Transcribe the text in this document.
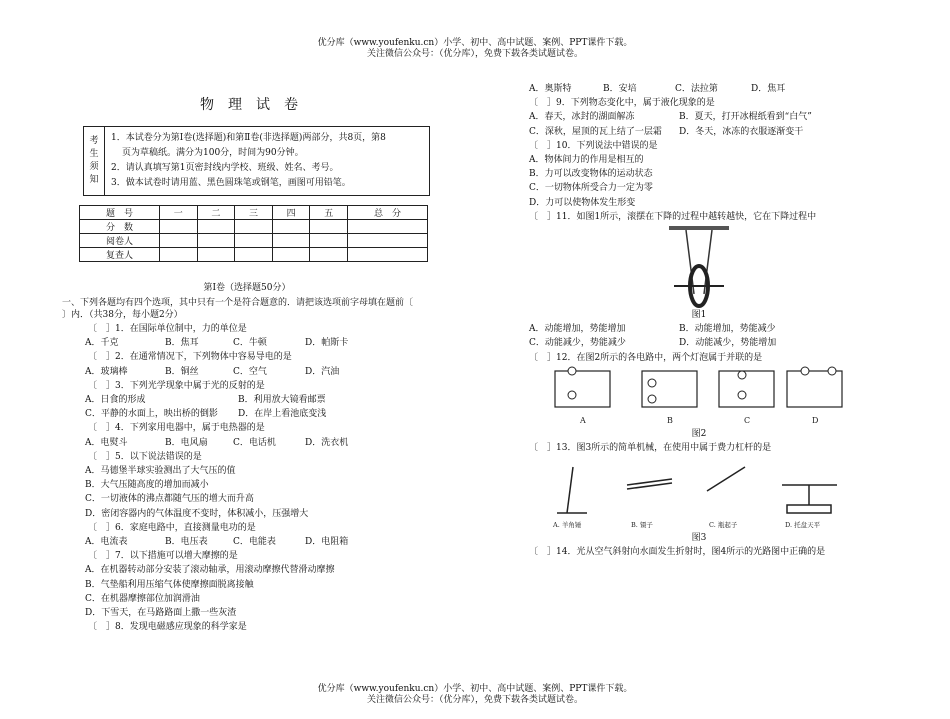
优分库（www.youfenku.cn）小学、初中、高中试题、案例、PPT课件下载。
关注微信公众号：（优分库），免费下载各类试题试卷。
物理试卷
考
生
须
知

1．本试卷分为第Ⅰ卷(选择题)和第Ⅱ卷(非选择题)两部分，共8页，第8
页为草稿纸。满分为100分，时间为90分钟。
2．请认真填写第1页密封线内学校、班级、姓名、考号。
3．做本试卷时请用蓝、黑色圆珠笔或钢笔，画图可用铅笔。
题　号	一	二	三	四	五	总　分
分　数						
阅卷人						
复查人						
第Ⅰ卷（选择题50分）
一、下列各题均有四个选项，其中只有一个是符合题意的．请把该选项前字母填在题前〔
〕内．（共38分，每小题2分）
〔　］1．在国际单位制中，力的单位是
A．千克	B．焦耳	C．牛顿	D．帕斯卡
〔　］2．在通常情况下，下列物体中容易导电的是
A．玻璃棒	B．铜丝	C．空气	D．汽油
〔　］3．下列光学现象中属于光的反射的是
A．日食的形成	B．利用放大镜看邮票
C．平静的水面上，映出桥的倒影 D．在岸上看池底变浅
〔　］4．下列家用电器中，属于电热器的是
A．电熨斗	B．电风扇	C．电话机	D．洗衣机
〔　］5．以下说法错误的是
A．马德堡半球实验测出了大气压的值
B．大气压随高度的增加而减小
C．一切液体的沸点都随气压的增大而升高
D．密闭容器内的气体温度不变时，体积减小，压强增大
〔　］6．家庭电路中，直接测量电功的是
A．电流表	B．电压表	C．电能表	D．电阻箱
〔　］7．以下措施可以增大摩擦的是
A．在机器转动部分安装了滚动轴承，用滚动摩擦代替滑动摩擦
B．气垫船利用压缩气体使摩擦面脱离接触
C．在机器摩擦部位加润滑油
D．下雪天，在马路路面上撒一些灰渣
〔　］8．发现电磁感应现象的科学家是
A．奥斯特	B．安培	C．法拉第	D．焦耳
〔　］9．下列物态变化中，属于液化现象的是
A．春天，冰封的湖面解冻	B．夏天，打开冰棍纸看到“白气”
C．深秋，屋顶的瓦上结了一层霜 D．冬天，冰冻的衣服逐渐变干
〔　］10．下列说法中错误的是
A．物体间力的作用是相互的
B．力可以改变物体的运动状态
C．一切物体所受合力一定为零
D．力可以使物体发生形变
〔　］11．如图1所示，滚摆在下降的过程中越转越快，它在下降过程中
图1
A．动能增加，势能增加	B．动能增加，势能减少
C．动能减少，势能减少	D．动能减少，势能增加
〔　］12．在图2所示的各电路中，两个灯泡属于并联的是
A	B	C	D
图2
〔　］13．图3所示的简单机械，在使用中属于费力杠杆的是
A. 羊角锤	B. 镊子	C. 瓶起子	D. 托盘天平
图3
〔　］14．光从空气斜射向水面发生折射时，图4所示的光路图中正确的是
优分库（www.youfenku.cn）小学、初中、高中试题、案例、PPT课件下载。
关注微信公众号：（优分库），免费下载各类试题试卷。
